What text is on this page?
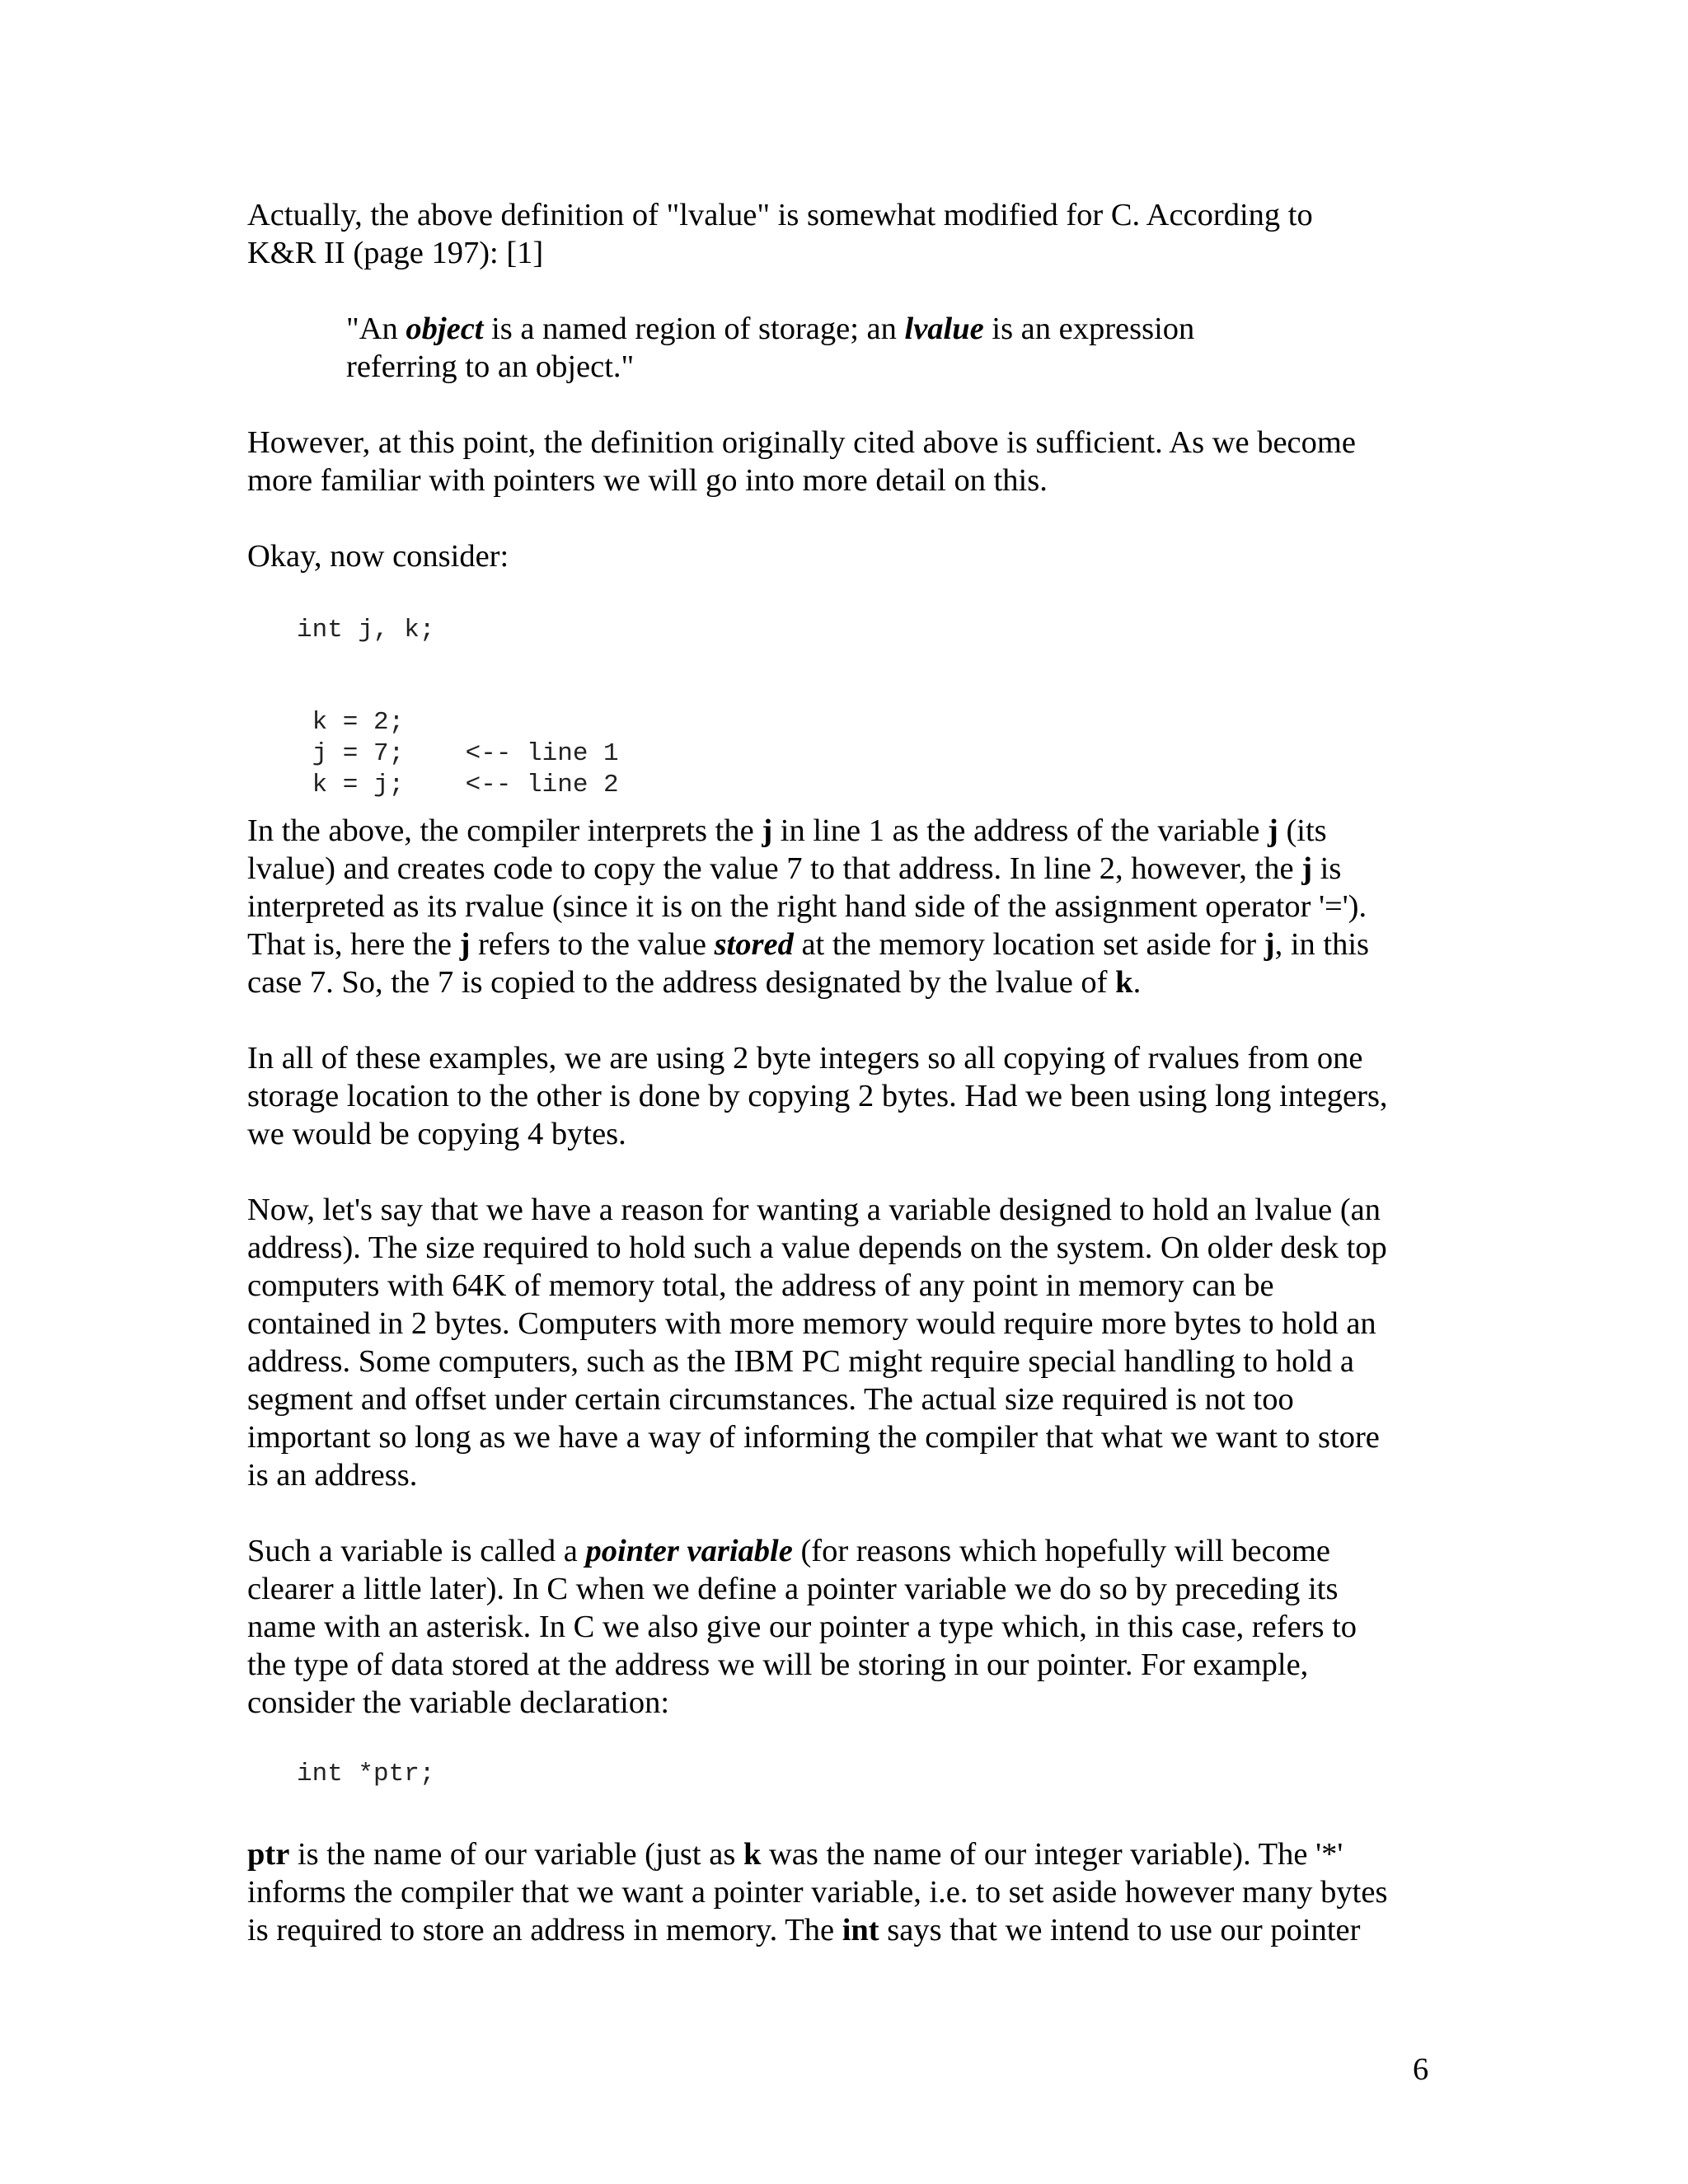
Actually, the above definition of "lvalue" is somewhat modified for C. According to
K&R II (page 197): [1]

"An object is a named region of storage; an lvalue is an expression
referring to an object."

However, at this point, the definition originally cited above is sufficient. As we become
more familiar with pointers we will go into more detail on this.

Okay, now consider:

int j, k;
k = 2;
j = 7;    <-- line 1
k = j;    <-- line 2

In the above, the compiler interprets the j in line 1 as the address of the variable j (its
lvalue) and creates code to copy the value 7 to that address. In line 2, however, the j is
interpreted as its rvalue (since it is on the right hand side of the assignment operator '=').
That is, here the j refers to the value stored at the memory location set aside for j, in this
case 7. So, the 7 is copied to the address designated by the lvalue of k.

In all of these examples, we are using 2 byte integers so all copying of rvalues from one
storage location to the other is done by copying 2 bytes. Had we been using long integers,
we would be copying 4 bytes.

Now, let's say that we have a reason for wanting a variable designed to hold an lvalue (an
address). The size required to hold such a value depends on the system. On older desk top
computers with 64K of memory total, the address of any point in memory can be
contained in 2 bytes. Computers with more memory would require more bytes to hold an
address. Some computers, such as the IBM PC might require special handling to hold a
segment and offset under certain circumstances. The actual size required is not too
important so long as we have a way of informing the compiler that what we want to store
is an address.

Such a variable is called a pointer variable (for reasons which hopefully will become
clearer a little later). In C when we define a pointer variable we do so by preceding its
name with an asterisk. In C we also give our pointer a type which, in this case, refers to
the type of data stored at the address we will be storing in our pointer. For example,
consider the variable declaration:

int *ptr;

ptr is the name of our variable (just as k was the name of our integer variable). The '*'
informs the compiler that we want a pointer variable, i.e. to set aside however many bytes
is required to store an address in memory. The int says that we intend to use our pointer

6
